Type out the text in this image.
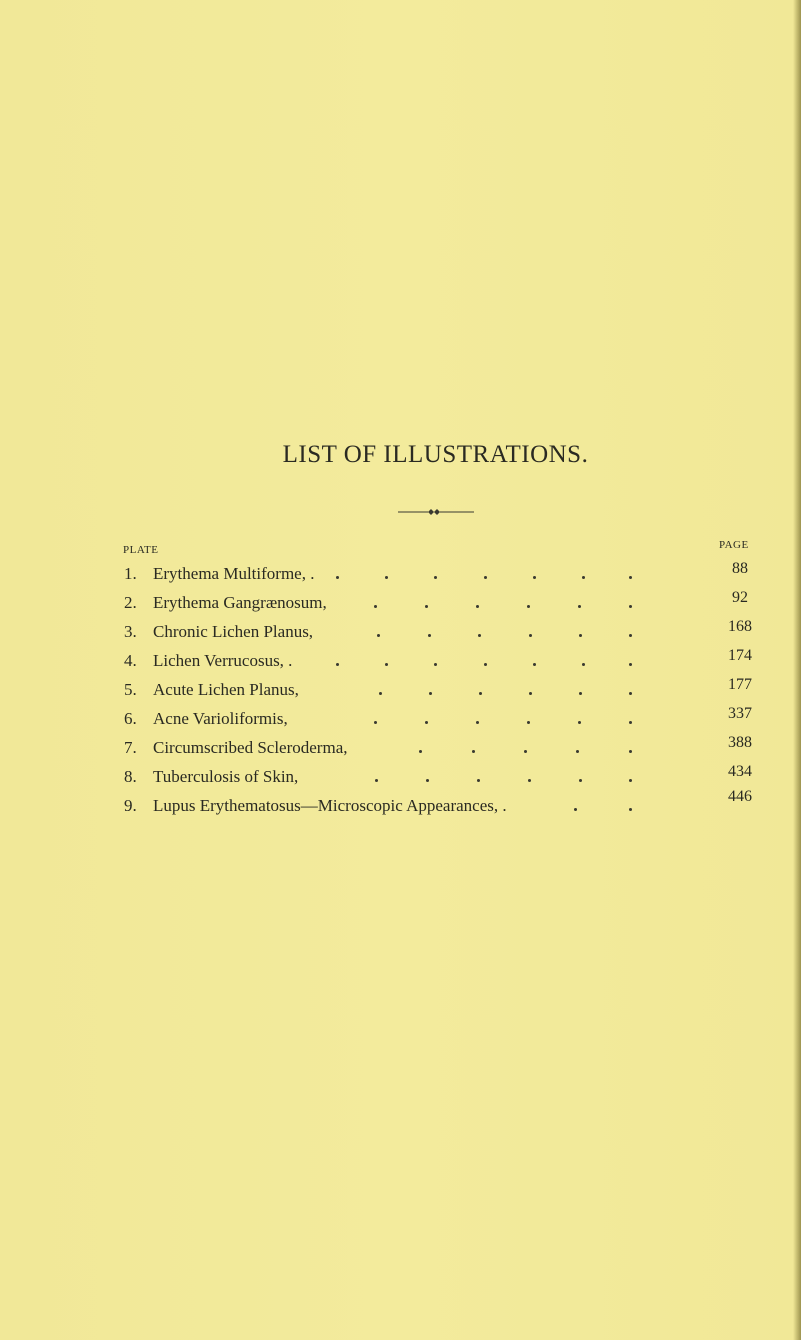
LIST OF ILLUSTRATIONS.
PLATE	PAGE
1. Erythema Multiforme, .	88
2. Erythema Gangrænosum,	92
3. Chronic Lichen Planus,	168
4. Lichen Verrucosus, .	174
5. Acute Lichen Planus,	177
6. Acne Varioliformis,	337
7. Circumscribed Scleroderma,	388
8. Tuberculosis of Skin,	434
9. Lupus Erythematosus—Microscopic Appearances, .	446
